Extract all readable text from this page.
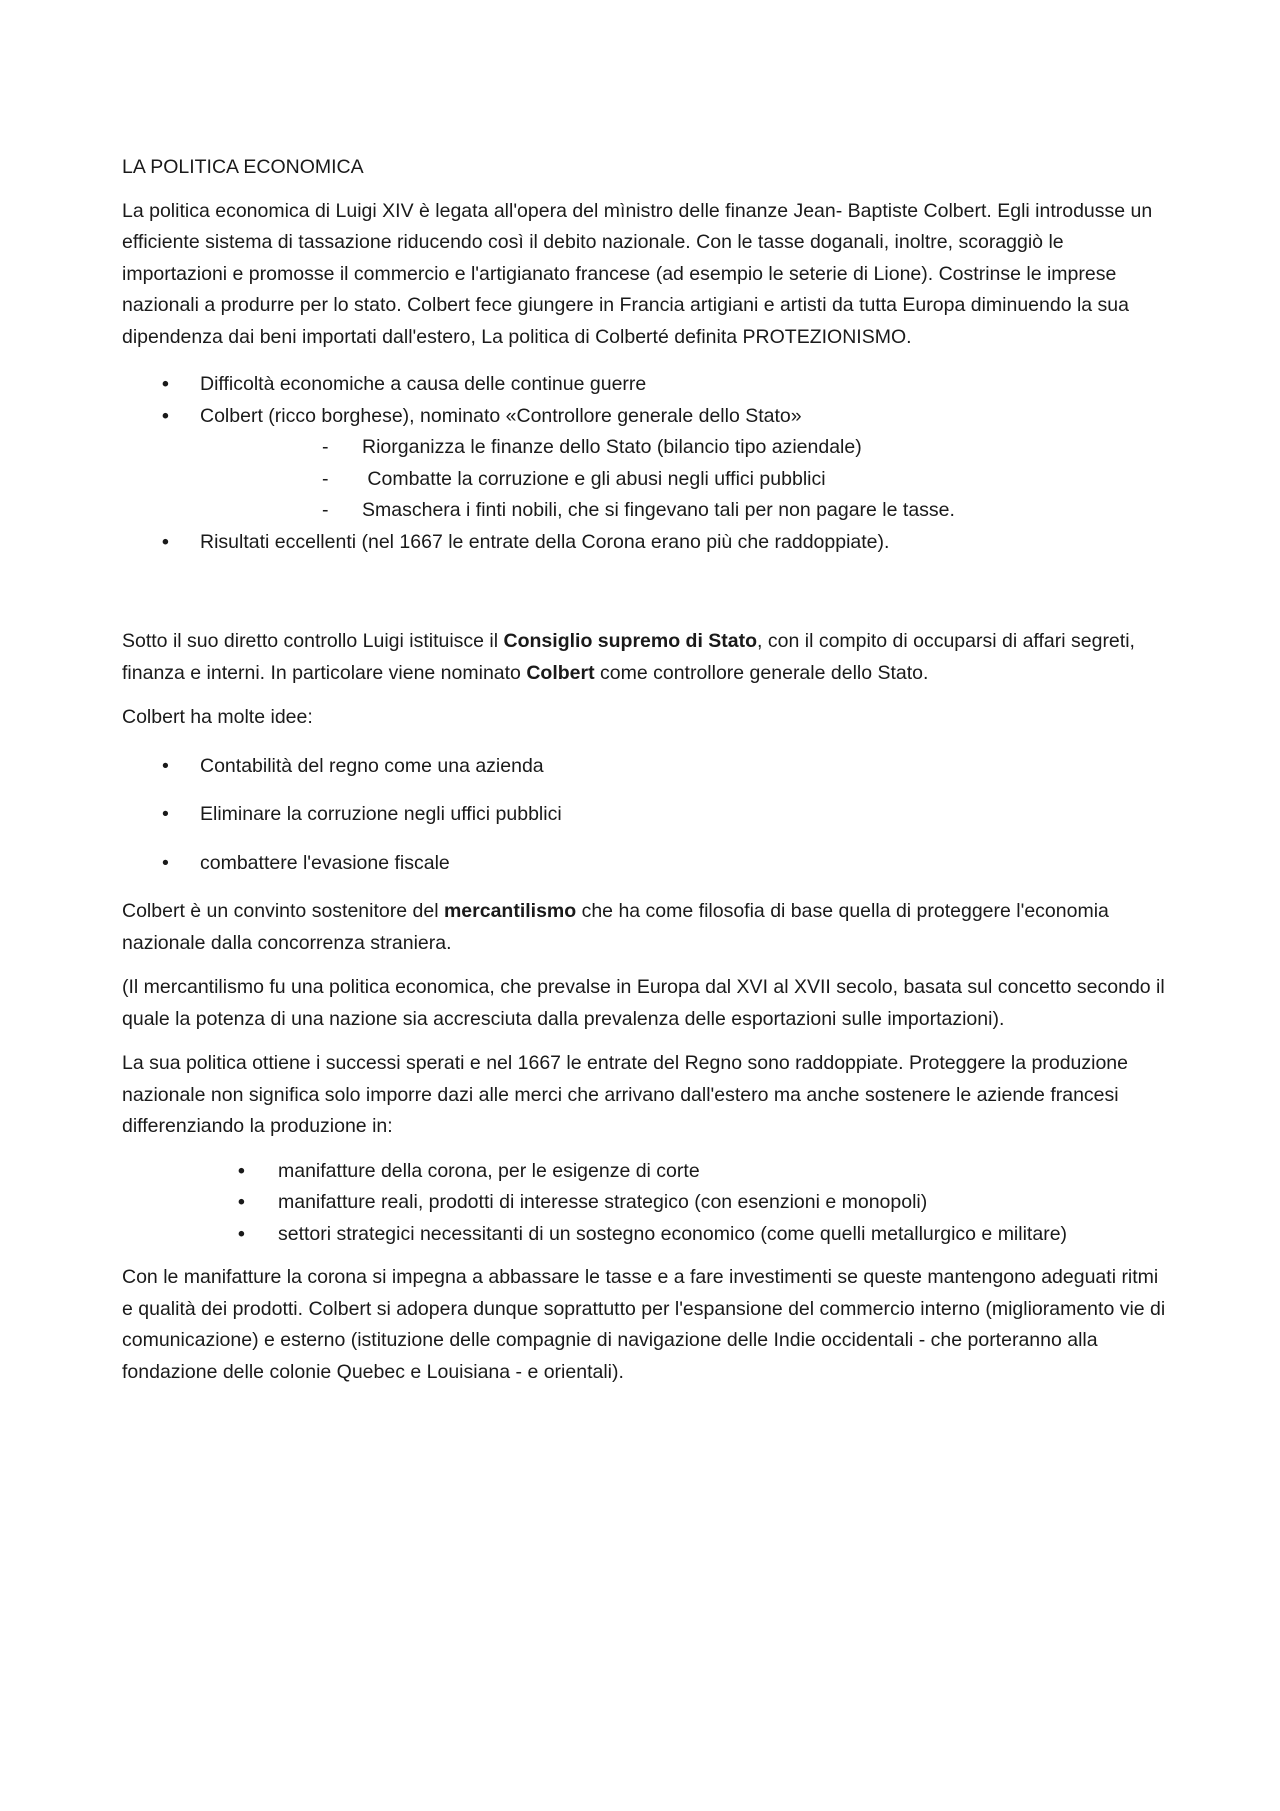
LA POLITICA ECONOMICA

La politica economica di Luigi XIV è legata all'opera del mìnistro delle finanze Jean- Baptiste Colbert. Egli introdusse un efficiente sistema di tassazione riducendo così il debito nazionale. Con le tasse doganali, inoltre, scoraggiò le importazioni e promosse il commercio e l'artigianato francese (ad esempio le seterie di Lione). Costrinse le imprese nazionali a produrre per lo stato. Colbert fece giungere in Francia artigiani e artisti da tutta Europa diminuendo la sua dipendenza dai beni importati dall'estero, La politica di Colberté definita PROTEZIONISMO.

• Difficoltà economiche a causa delle continue guerre
• Colbert (ricco borghese), nominato «Controllore generale dello Stato»
- Riorganizza le finanze dello Stato (bilancio tipo aziendale)
-  Combatte la corruzione e gli abusi negli uffici pubblici
- Smaschera i finti nobili, che si fingevano tali per non pagare le tasse.
• Risultati eccellenti (nel 1667 le entrate della Corona erano più che raddoppiate).

Sotto il suo diretto controllo Luigi istituisce il Consiglio supremo di Stato, con il compito di occuparsi di affari segreti, finanza e interni. In particolare viene nominato Colbert come controllore generale dello Stato.

Colbert ha molte idee:

• Contabilità del regno come una azienda
• Eliminare la corruzione negli uffici pubblici
• combattere l'evasione fiscale

Colbert è un convinto sostenitore del mercantilismo che ha come filosofia di base quella di proteggere l'economia nazionale dalla concorrenza straniera.

(Il mercantilismo fu una politica economica, che prevalse in Europa dal XVI al XVII secolo, basata sul concetto secondo il quale la potenza di una nazione sia accresciuta dalla prevalenza delle esportazioni sulle importazioni).

La sua politica ottiene i successi sperati e nel 1667 le entrate del Regno sono raddoppiate. Proteggere la produzione nazionale non significa solo imporre dazi alle merci che arrivano dall'estero ma anche sostenere le aziende francesi differenziando la produzione in:

• manifatture della corona, per le esigenze di corte
• manifatture reali, prodotti di interesse strategico (con esenzioni e monopoli)
• settori strategici necessitanti di un sostegno economico (come quelli metallurgico e militare)

Con le manifatture la corona si impegna a abbassare le tasse e a fare investimenti se queste mantengono adeguati ritmi e qualità dei prodotti. Colbert si adopera dunque soprattutto per l'espansione del commercio interno (miglioramento vie di comunicazione) e esterno (istituzione delle compagnie di navigazione delle Indie occidentali - che porteranno alla fondazione delle colonie Quebec e Louisiana - e orientali).
